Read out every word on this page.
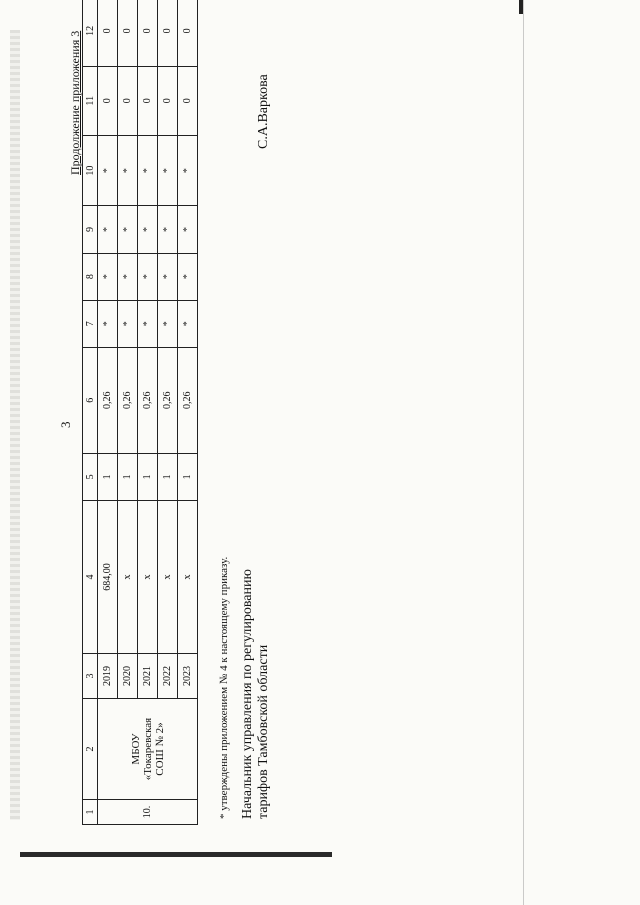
3
Продолжение приложения 3
1	2	3	4	5	6	7	8	9	10	11	12
10.	МБОУ «Токаревская СОШ № 2»	2019	684,00	1	0,26	*	*	*	*	0	0
		2020	x	1	0,26	*	*	*	*	0	0
		2021	x	1	0,26	*	*	*	*	0	0
		2022	x	1	0,26	*	*	*	*	0	0
		2023	x	1	0,26	*	*	*	*	0	0
* утверждены приложением № 4 к настоящему приказу. Начальник управления по регулированию тарифов Тамбовской области
С.А.Варкова
